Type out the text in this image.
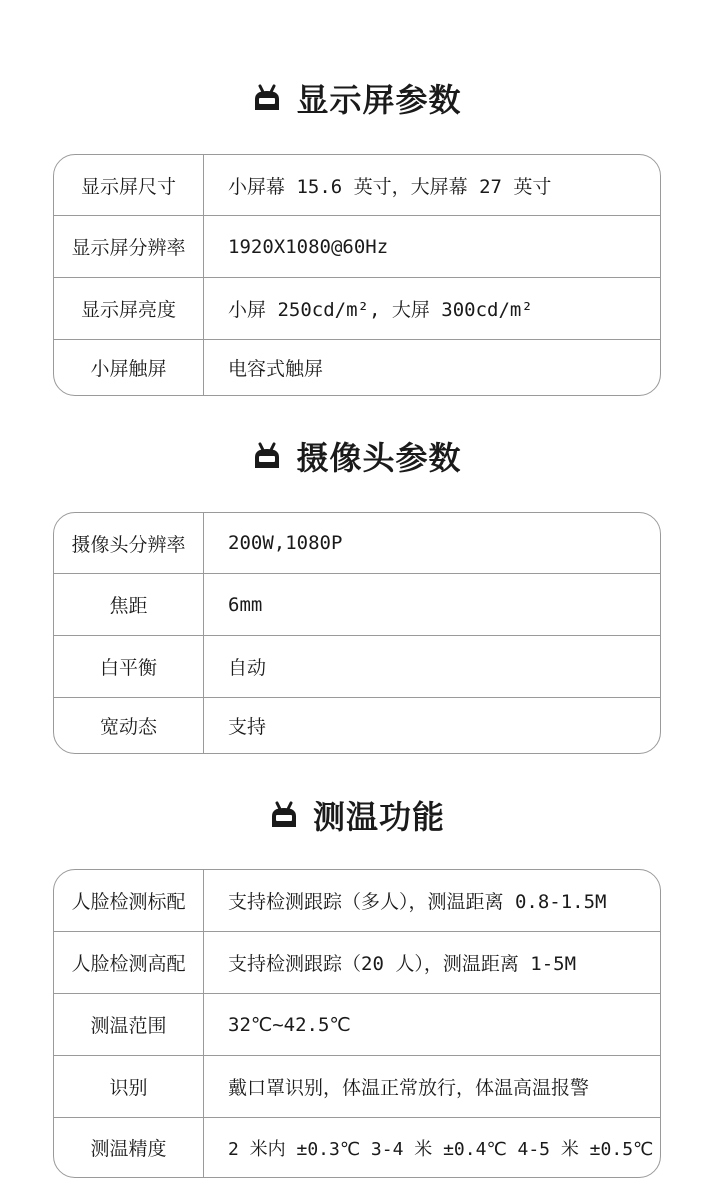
显示屏参数
显示屏尺寸	小屏幕 15.6 英寸，大屏幕 27 英寸
显示屏分辨率	1920X1080@60Hz
显示屏亮度	小屏 250cd/m², 大屏 300cd/m²
小屏触屏	电容式触屏
摄像头参数
摄像头分辨率	200W,1080P
焦距	6mm
白平衡	自动
宽动态	支持
测温功能
人脸检测标配	支持检测跟踪（多人），测温距离 0.8-1.5M
人脸检测高配	支持检测跟踪（20 人），测温距离 1-5M
测温范围	32℃~42.5℃
识别	戴口罩识别，体温正常放行，体温高温报警
测温精度	2 米内 ±0.3℃ 3-4 米 ±0.4℃ 4-5 米 ±0.5℃
